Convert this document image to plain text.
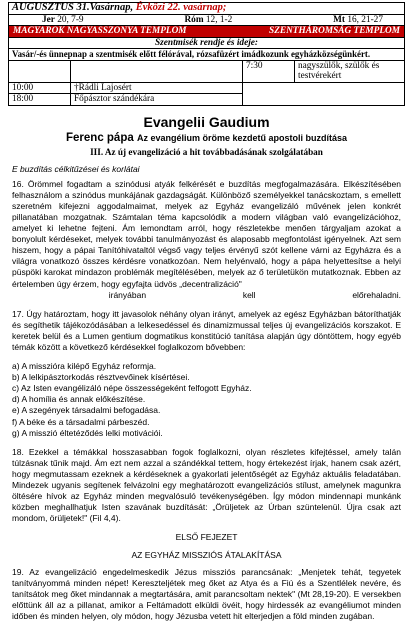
AUGUSZTUS 31.Vasárnap, Évközi 22. vasárnap;			

Jer 20, 7-9 Róm 12, 1-2 Mt 16, 21-27			

MAGYAROK NAGYASSZONYA TEMPLOM SZENTHÁROMSÁG TEMPLOM			

Szentmisék rendje és ideje:			
Vasár/-és ünnepnap a szentmisék előtt félórával, rózsafüzért imádkozunk egyházközségünkért.			
		7:30	nagyszülők, szülők és testvérekért
10:00	†Rádli Lajosért		
18:00	Főpásztor szándékára		
Evangelii Gaudium
Ferenc pápa Az evangélium öröme kezdetű apostoli buzdítása
III. Az új evangelizáció a hit továbbadásának szolgálatában
E buzdítás célkitűzései és korlátai

16. Örömmel fogadtam a szinódusi atyák felkérését e buzdítás megfogalmazására. Elkészítésében felhasználom a szinódus munkájának gazdagságát. Különböző személyekkel tanácskoztam, s emellett szeretném kifejezni aggodalmaimat, melyek az Egyház evangelizáló művének jelen konkrét pillanatában mozgatnak. Számtalan téma kapcsolódik a modern világban való evangelizációhoz, amelyet ki lehetne fejteni. Ám lemondtam arról, hogy részletekbe menően tárgyaljam azokat a bonyolult kérdéseket, melyek további tanulmányozást és alaposabb megfontolást igényelnek. Azt sem hiszem, hogy a pápai Tanítóhivataltól végső vagy teljes érvényű szót kellene várni az Egyházra és a világra vonatkozó összes kérdésre vonatkozóan. Nem helyénvaló, hogy a pápa helyettesítse a helyi püspöki karokat mindazon problémák megítélésében, melyek az ő területükön mutatkoznak. Ebben az értelemben úgy érzem, hogy egyfajta üdvös „decentralizáció"
irányában	kell	előrehaladni.

17. Úgy határoztam, hogy itt javasolok néhány olyan irányt, amelyek az egész Egyházban bátoríthatják és segíthetik tájékozódásában a lelkesedéssel és dinamizmussal teljes új evangelizációs korszakot. E keretek belül és a Lumen gentium dogmatikus konstitúció tanítása alapján úgy döntöttem, hogy egyéb témák között a következő kérdésekkel foglalkozom bővebben:

a) A misszióra kilépő Egyház reformja.
b) A lelkipásztorkodás résztvevőinek kísértései.
c) Az Isten evangélizáló népe összességeként felfogott Egyház.
d) A homília és annak előkészítése.
e) A szegények társadalmi befogadása.
f) A béke és a társadalmi párbeszéd.
g) A misszió éltetéződés lelki motivációi.

18. Ezekkel a témákkal hosszasabban fogok foglalkozni, olyan részletes kifejtéssel, amely talán túlzásnak tűnik majd. Ám ezt nem azzal a szándékkal tettem, hogy értekezést írjak, hanem csak azért, hogy megmutassam ezeknek a kérdéseknek a gyakorlati jelentőségét az Egyház aktuális feladatában. Mindezek ugyanis segítenek felvázolni egy meghatározott evangelizációs stílust, amelynek magunkra öltésére hívok az Egyház minden megvalósuló tevékenységében. Így módon mindennapi munkánk közben meghallhatjuk Isten szavának buzdítását: „Örüljetek az Úrban szüntelenül. Újra csak azt mondom, örüljetek!" (Fil 4,4).

ELSŐ FEJEZET
AZ EGYHÁZ MISSZIÓS ÁTALAKÍTÁSA

19. Az evangelizáció engedelmeskedik Jézus missziós parancsának: „Menjetek tehát, tegyetek tanítványommá minden népet! Kereszteljétek meg őket az Atya és a Fiú és a Szentlélek nevére, és tanítsátok meg őket mindannak a megtartására, amit parancsoltam nektek" (Mt 28,19-20). E versekben előttünk áll az a pillanat, amikor a Feltámadott elküldi övéit, hogy hirdessék az evangéliumot minden időben és minden helyen, oly módon, hogy Jézusba vetett hit elterjedjen a föld minden zugában.
